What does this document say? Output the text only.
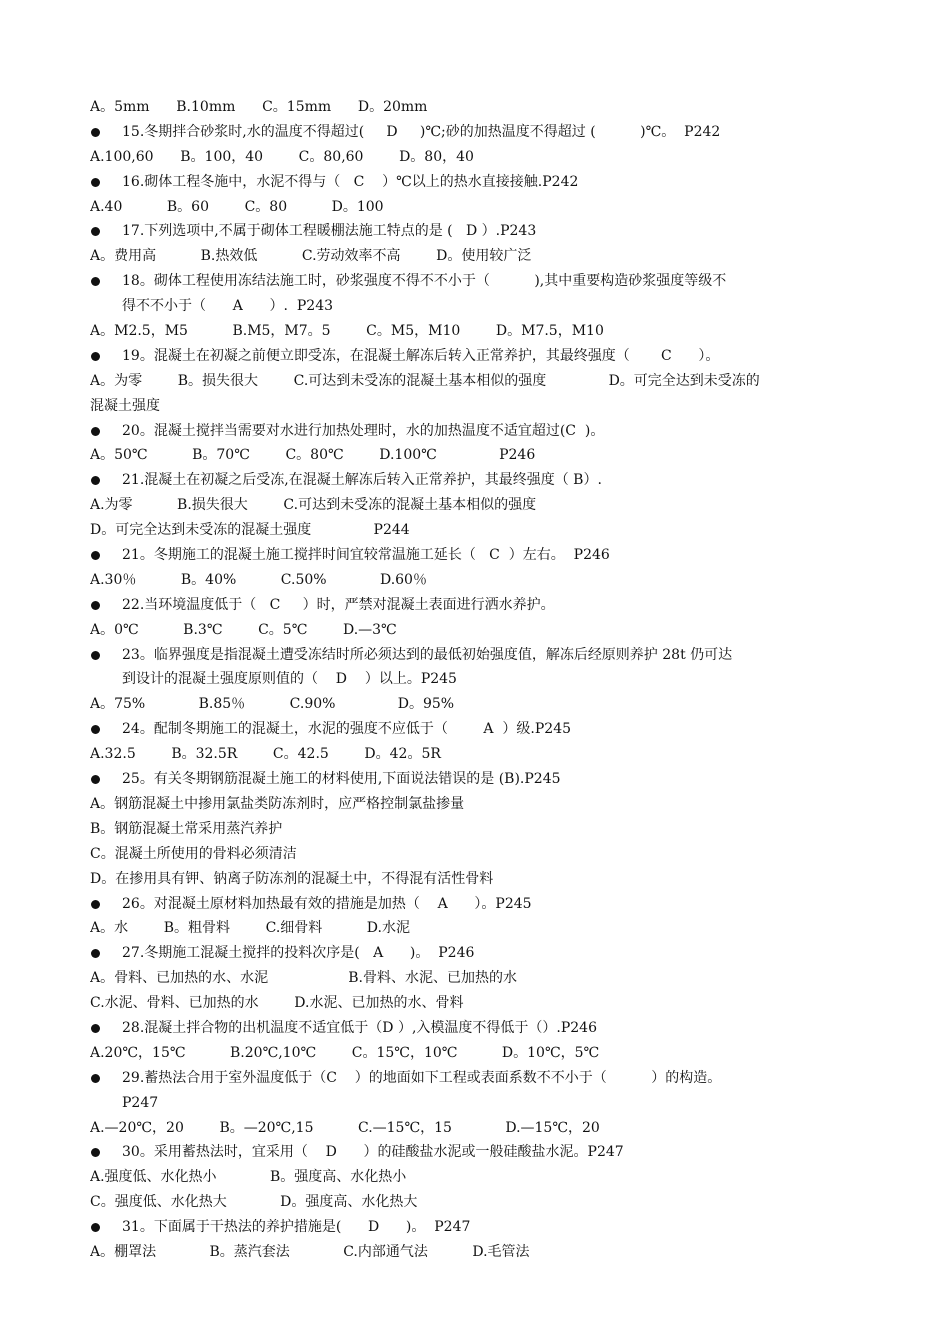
A。5mm      B.10mm      C。15mm      D。20mm
15.冬期拌合砂浆时,水的温度不得超过(     D     )℃;砂的加热温度不得超过 (          )℃。  P242
A.100,60      B。100，40        C。80,60        D。80，40
16.砌体工程冬施中，水泥不得与（   C    ）℃以上的热水直接接触.P242
A.40          B。60        C。80          D。100
17.下列选项中,不属于砌体工程暖棚法施工特点的是 (   D ）.P243
A。费用高          B.热效低          C.劳动效率不高        D。使用较广泛
18。砌体工程使用冻结法施工时，砂浆强度不得不不小于（          ),其中重要构造砂浆强度等级不
得不不小于（      A      ）.  P243
A。M2.5，M5          B.M5，M7。5        C。M5，M10        D。M7.5，M10
19。混凝土在初凝之前便立即受冻，在混凝土解冻后转入正常养护，其最终强度（       C      ）。
A。为零        B。损失很大        C.可达到未受冻的混凝土基本相似的强度              D。可完全达到未受冻的
混凝土强度
20。混凝土搅拌当需要对水进行加热处理时，水的加热温度不适宜超过(C  )。
A。50℃          B。70℃        C。80℃        D.100℃              P246
21.混凝土在初凝之后受冻,在混凝土解冻后转入正常养护，其最终强度（ B）.
A.为零          B.损失很大        C.可达到未受冻的混凝土基本相似的强度
D。可完全达到未受冻的混凝土强度              P244
21。冬期施工的混凝土施工搅拌时间宜较常温施工延长（   C  ）左右。  P246
A.30％          B。40%          C.50%            D.60％
22.当环境温度低于（   C     ）时，严禁对混凝土表面进行洒水养护。
A。0℃          B.3℃        C。5℃        D.—3℃
23。临界强度是指混凝土遭受冻结时所必须达到的最低初始强度值，解冻后经原则养护 28t 仍可达
到设计的混凝土强度原则值的（    D    ）以上。P245
A。75%            B.85％          C.90%              D。95%
24。配制冬期施工的混凝土，水泥的强度不应低于（        A  ）级.P245
A.32.5        B。32.5R        C。42.5        D。42。5R
25。有关冬期钢筋混凝土施工的材料使用,下面说法错误的是 (B).P245
A。钢筋混凝土中掺用氯盐类防冻剂时，应严格控制氯盐掺量
B。钢筋混凝土常采用蒸汽养护
C。混凝土所使用的骨料必须清洁
D。在掺用具有钾、钠离子防冻剂的混凝土中，不得混有活性骨料
26。对混凝土原材料加热最有效的措施是加热（    A      ）。P245
A。水        B。粗骨料        C.细骨料          D.水泥
27.冬期施工混凝土搅拌的投料次序是(   A      )。  P246
A。骨料、已加热的水、水泥                  B.骨料、水泥、已加热的水
C.水泥、骨料、已加热的水        D.水泥、已加热的水、骨料
28.混凝土拌合物的出机温度不适宜低于（D ）,入模温度不得低于（）.P246
A.20℃，15℃          B.20℃,10℃        C。15℃，10℃          D。10℃，5℃
29.蓄热法合用于室外温度低于（C    ）的地面如下工程或表面系数不不小于（          ）的构造。
P247
A.—20℃，20        B。—20℃,15          C.—15℃，15            D.—15℃，20
30。采用蓄热法时，宜采用（    D      ）的硅酸盐水泥或一般硅酸盐水泥。P247
A.强度低、水化热小            B。强度高、水化热小
C。强度低、水化热大            D。强度高、水化热大
31。下面属于干热法的养护措施是(      D      )。  P247
A。棚罩法            B。蒸汽套法            C.内部通气法          D.毛管法
